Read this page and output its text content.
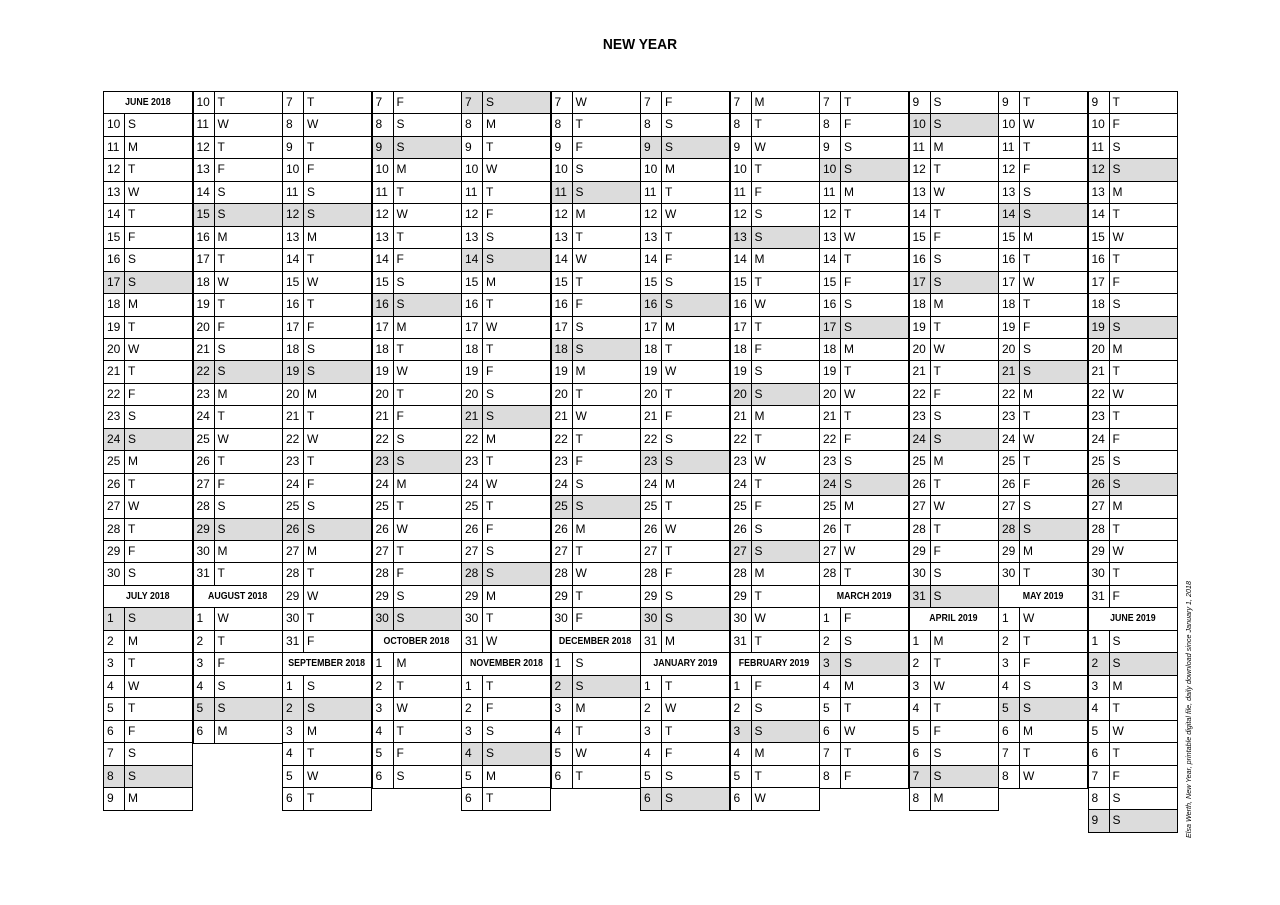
NEW YEAR
JUNE 2018
10 S
11 M
12 T
13 W
14 T
15 F
16 S
17 S
18 M
19 T
20 W
21 T
22 F
23 S
24 S
25 M
26 T
27 W
28 T
29 F
30 S
JULY 2018
1	S
2	M
3	T
4	W
5	T
6	F
7	S
8	S
9	M
10 T
11 W
12 T
13 F
14 S
15 S
16 M
17 T
18 W
19 T
20 F
21 S
22 S
23 M
24 T
25 W
26 T
27 F
28 S
29 S
30 M
31 T
AUGUST 2018
1	W
2	T
3	F
4	S
5	S
6	M
7	T
8	W
9	T
10 F
11 S
12 S
13 M
14 T
15 W
16 T
17 F
18 S
19 S
20 M
21 T
22 W
23 T
24 F
25 S
26 S
27 M
28 T
29 W
30 T
31 F
SEPTEMBER 2018
1	S
2	S
3	M
4	T
5	W
6	T
7	F
8	S
9	S
10 M
11 T
12 W
13 T
14 F
15 S
16 S
17 M
18 T
19 W
20 T
21 F
22 S
23 S
24 M
25 T
26 W
27 T
28 F
29 S
30 S
OCTOBER 2018
1	M
2	T
3	W
4	T
5	F
6	S
7	S
8	M
9	T
10 W
11 T
12 F
13 S
14 S
15 M
16 T
17 W
18 T
19 F
20 S
21 S
22 M
23 T
24 W
25 T
26 F
27 S
28 S
29 M
30 T
31 W
NOVEMBER 2018
1	T
2	F
3	S
4	S
5	M
6	T
7	W
8	T
9	F
10 S
11 S
12 M
13 T
14 W
15 T
16 F
17 S
18 S
19 M
20 T
21 W
22 T
23 F
24 S
25 S
26 M
27 T
28 W
29 T
30 F
DECEMBER 2018
1	S
2	S
3	M
4	T
5	W
6	T
7	F
8	S
9	S
10 M
11 T
12 W
13 T
14 F
15 S
16 S
17 M
18 T
19 W
20 T
21 F
22 S
23 S
24 M
25 T
26 W
27 T
28 F
29 S
30 S
31 M
JANUARY 2019
1	T
2	W
3	T
4	F
5	S
6	S
7	M
8	T
9	W
10 T
11 F
12 S
13 S
14 M
15 T
16 W
17 T
18 F
19 S
20 S
21 M
22 T
23 W
24 T
25 F
26 S
27 S
28 M
29 T
30 W
31 T
FEBRUARY 2019
1	F
2	S
3	S
4	M
5	T
6	W
7	T
8	F
9	S
10 S
11 M
12 T
13 W
14 T
15 F
16 S
17 S
18 M
19 T
20 W
21 T
22 F
23 S
24 S
25 M
26 T
27 W
28 T
MARCH 2019
1	F
2	S
3	S
4	M
5	T
6	W
7	T
8	F
9	S
10 S
11 M
12 T
13 W
14 T
15 F
16 S
17 S
18 M
19 T
20 W
21 T
22 F
23 S
24 S
25 M
26 T
27 W
28 T
29 F
30 S
31 S
APRIL 2019
1	M
2	T
3	W
4	T
5	F
6	S
7	S
8	M
9	T
10 W
11 T
12 F
13 S
14 S
15 M
16 T
17 W
18 T
19 F
20 S
21 S
22 M
23 T
24 W
25 T
26 F
27 S
28 S
29 M
30 T
MAY 2019
1	W
2	T
3	F
4	S
5	S
6	M
7	T
8	W
9	T
10 F
11 S
12 S
13 M
14 T
15 W
16 T
17 F
18 S
19 S
20 M
21 T
22 W
23 T
24 F
25 S
26 S
27 M
28 T
29 W
30 T
31 F
JUNE 2019
1	S
2	S
3	M
4	T
5	W
6	T
7	F
8	S
9	S	Elsa Werth, New Year, printable digital file, daily download since January 1, 2018
